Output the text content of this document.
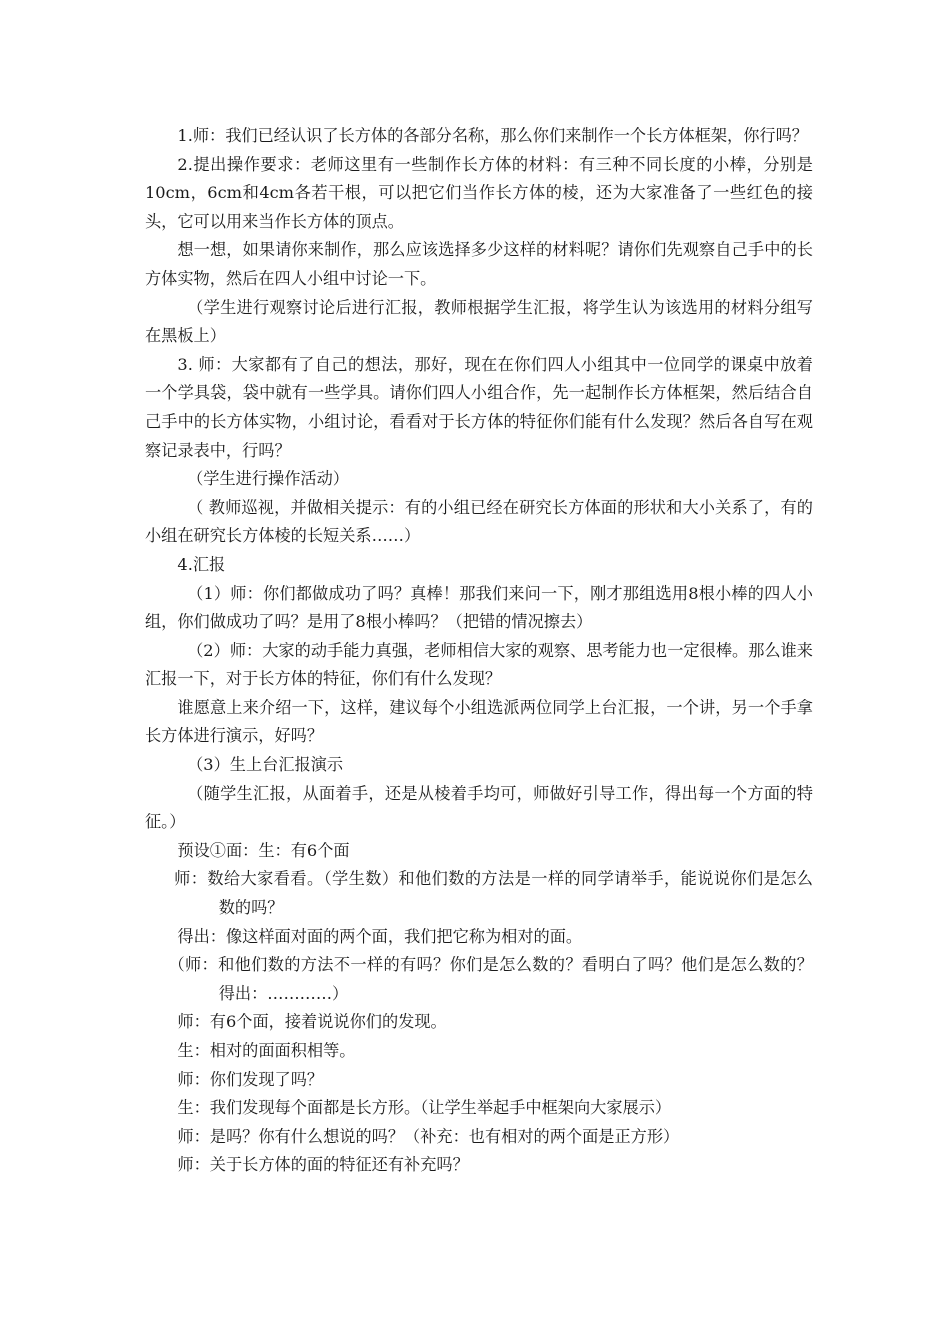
1.师：我们已经认识了长方体的各部分名称，那么你们来制作一个长方体框架，你行吗？

2.提出操作要求：老师这里有一些制作长方体的材料：有三种不同长度的小棒，分别是10cm，6cm和4cm各若干根，可以把它们当作长方体的棱，还为大家准备了一些红色的接头，它可以用来当作长方体的顶点。

想一想，如果请你来制作，那么应该选择多少这样的材料呢？请你们先观察自己手中的长方体实物，然后在四人小组中讨论一下。

（学生进行观察讨论后进行汇报，教师根据学生汇报，将学生认为该选用的材料分组写在黑板上）

3. 师：大家都有了自己的想法，那好，现在在你们四人小组其中一位同学的课桌中放着一个学具袋，袋中就有一些学具。请你们四人小组合作，先一起制作长方体框架，然后结合自己手中的长方体实物，小组讨论，看看对于长方体的特征你们能有什么发现？然后各自写在观察记录表中，行吗？

（学生进行操作活动）

（ 教师巡视，并做相关提示：有的小组已经在研究长方体面的形状和大小关系了，有的小组在研究长方体棱的长短关系……）

4.汇报

（1）师：你们都做成功了吗？真棒！那我们来问一下，刚才那组选用8根小棒的四人小组，你们做成功了吗？是用了8根小棒吗？（把错的情况擦去）

（2）师：大家的动手能力真强，老师相信大家的观察、思考能力也一定很棒。那么谁来汇报一下，对于长方体的特征，你们有什么发现？

谁愿意上来介绍一下，这样，建议每个小组选派两位同学上台汇报，一个讲，另一个手拿长方体进行演示，好吗？

（3）生上台汇报演示

（随学生汇报，从面着手，还是从棱着手均可，师做好引导工作，得出每一个方面的特征。）

预设①面：生：有6个面

师：数给大家看看。（学生数）和他们数的方法是一样的同学请举手，能说说你们是怎么数的吗？

得出：像这样面对面的两个面，我们把它称为相对的面。

（师：和他们数的方法不一样的有吗？你们是怎么数的？看明白了吗？他们是怎么数的？得出：…………）

师：有6个面，接着说说你们的发现。

生：相对的面面积相等。

师：你们发现了吗？

生：我们发现每个面都是长方形。（让学生举起手中框架向大家展示）

师：是吗？你有什么想说的吗？（补充：也有相对的两个面是正方形）

师：关于长方体的面的特征还有补充吗？
